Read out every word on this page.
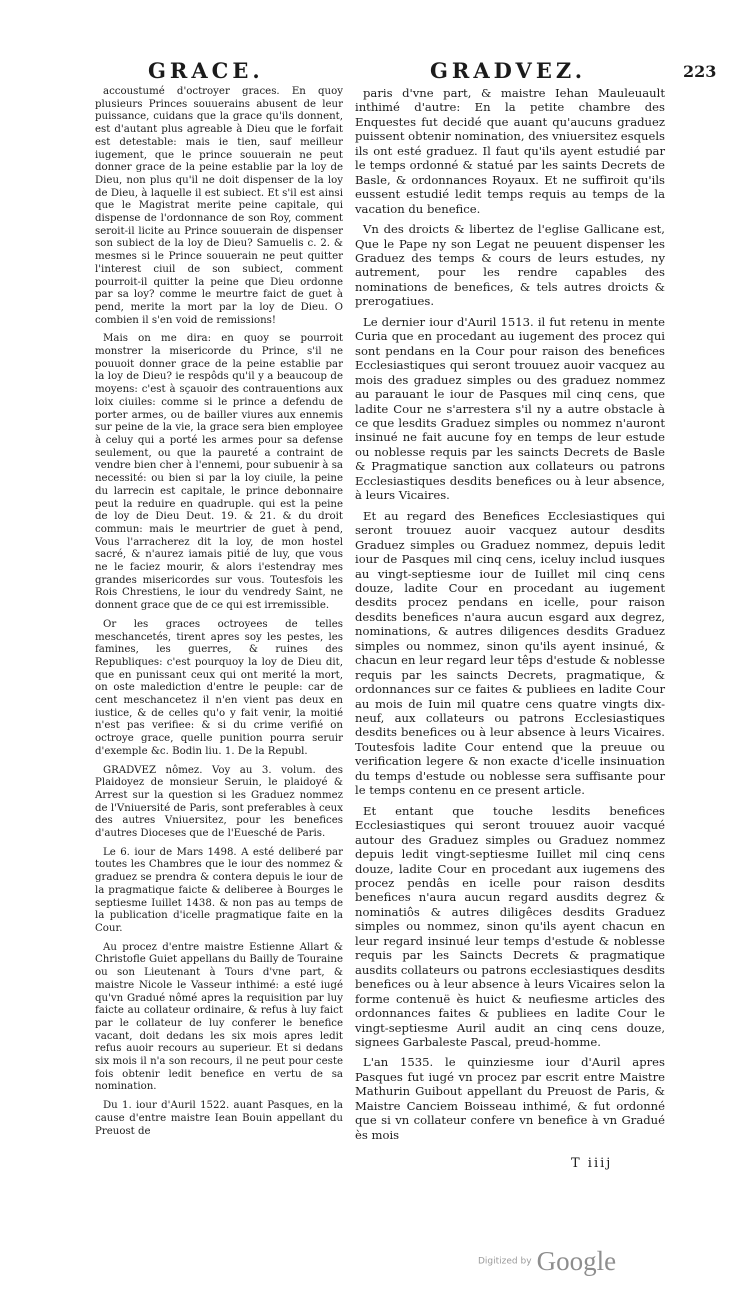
GRACE.	GRADVEZ.	223

accoustumé d'octroyer graces. En quoy plusieurs Princes souuerains abusent de leur puissance, cuidans que la grace qu'ils donnent, est d'autant plus agreable à Dieu que le forfait est detestable: mais ie tien, sauf meilleur iugement, que le prince souuerain ne peut donner grace de la peine establie par la loy de Dieu, non plus qu'il ne doit dispenser de la loy de Dieu, à laquelle il est subiect. Et s'il est ainsi que le Magistrat merite peine capitale, qui dispense de l'ordonnance de son Roy, comment seroit-il licite au Prince souuerain de dispenser son subiect de la loy de Dieu? Samuelis c. 2. & mesmes si le Prince souuerain ne peut quitter l'interest ciuil de son subiect, comment pourroit-il quitter la peine que Dieu ordonne par sa loy? comme le meurtre faict de guet à pend, merite la mort par la loy de Dieu. O combien il s'en void de remissions!

Mais on me dira: en quoy se pourroit monstrer la misericorde du Prince, s'il ne pouuoit donner grace de la peine establie par la loy de Dieu? ie respôds qu'il y a beaucoup de moyens: c'est à sçauoir des contrauentions aux loix ciuiles: comme si le prince a defendu de porter armes, ou de bailler viures aux ennemis sur peine de la vie, la grace sera bien employee à celuy qui a porté les armes pour sa defense seulement, ou que la paureté a contraint de vendre bien cher à l'ennemi, pour subuenir à sa necessité: ou bien si par la loy ciuile, la peine du larrecin est capitale, le prince debonnaire peut la reduire en quadruple. qui est la peine de loy de Dieu Deut. 19. & 21. & du droit commun: mais le meurtrier de guet à pend, Vous l'arracherez dit la loy, de mon hostel sacré, & n'aurez iamais pitié de luy, que vous ne le faciez mourir, & alors i'estendray mes grandes misericordes sur vous. Toutesfois les Rois Chrestiens, le iour du vendredy Saint, ne donnent grace que de ce qui est irremissible.

Or les graces octroyees de telles meschancetés, tirent apres soy les pestes, les famines, les guerres, & ruines des Republiques: c'est pourquoy la loy de Dieu dit, que en punissant ceux qui ont merité la mort, on oste malediction d'entre le peuple: car de cent meschancetez il n'en vient pas deux en iustice, & de celles qu'o y fait venir, la moitié n'est pas verifiee: & si du crime verifié on octroye grace, quelle punition pourra seruir d'exemple &c. Bodin liu. 1. De la Republ.

GRADVEZ nômez. Voy au 3. volum. des Plaidoyez de monsieur Seruin, le plaidoyé & Arrest sur la question si les Graduez nommez de l'Vniuersité de Paris, sont preferables à ceux des autres Vniuersitez, pour les benefices d'autres Dioceses que de l'Euesché de Paris.

Le 6. iour de Mars 1498. A esté deliberé par toutes les Chambres que le iour des nommez & graduez se prendra & contera depuis le iour de la pragmatique faicte & deliberee à Bourges le septiesme Iuillet 1438. & non pas au temps de la publication d'icelle pragmatique faite en la Cour.

Au procez d'entre maistre Estienne Allart & Christofle Guiet appellans du Bailly de Touraine ou son Lieutenant à Tours d'vne part, & maistre Nicole le Vasseur inthimé: a esté iugé qu'vn Gradué nômé apres la requisition par luy faicte au collateur ordinaire, & refus à luy faict par le collateur de luy conferer le benefice vacant, doit dedans les six mois apres ledit refus auoir recours au superieur. Et si dedans six mois il n'a son recours, il ne peut pour ceste fois obtenir ledit benefice en vertu de sa nomination.

Du 1. iour d'Auril 1522. auant Pasques, en la cause d'entre maistre Iean Bouin appellant du Preuost de

paris d'vne part, & maistre Iehan Mauleuault inthimé d'autre: En la petite chambre des Enquestes fut decidé que auant qu'aucuns graduez puissent obtenir nomination, des vniuersitez esquels ils ont esté graduez. Il faut qu'ils ayent estudié par le temps ordonné & statué par les saints Decrets de Basle, & ordonnances Royaux. Et ne suffiroit qu'ils eussent estudié ledit temps requis au temps de la vacation du benefice.

Vn des droicts & libertez de l'eglise Gallicane est, Que le Pape ny son Legat ne peuuent dispenser les Graduez des temps & cours de leurs estudes, ny autrement, pour les rendre capables des nominations de benefices, & tels autres droicts & prerogatiues.

Le dernier iour d'Auril 1513. il fut retenu in mente Curia que en procedant au iugement des procez qui sont pendans en la Cour pour raison des benefices Ecclesiastiques qui seront trouuez auoir vacquez au mois des graduez simples ou des graduez nommez au parauant le iour de Pasques mil cinq cens, que ladite Cour ne s'arrestera s'il ny a autre obstacle à ce que lesdits Graduez simples ou nommez n'auront insinué ne fait aucune foy en temps de leur estude ou noblesse requis par les saincts Decrets de Basle & Pragmatique sanction aux collateurs ou patrons Ecclesiastiques desdits benefices ou à leur absence, à leurs Vicaires.

Et au regard des Benefices Ecclesiastiques qui seront trouuez auoir vacquez autour desdits Graduez simples ou Graduez nommez, depuis ledit iour de Pasques mil cinq cens, iceluy includ iusques au vingt-septiesme iour de Iuillet mil cinq cens douze, ladite Cour en procedant au iugement desdits procez pendans en icelle, pour raison desdits benefices n'aura aucun esgard aux degrez, nominations, & autres diligences desdits Graduez simples ou nommez, sinon qu'ils ayent insinué, & chacun en leur regard leur têps d'estude & noblesse requis par les saincts Decrets, pragmatique, & ordonnances sur ce faites & publiees en ladite Cour au mois de Iuin mil quatre cens quatre vingts dix-neuf, aux collateurs ou patrons Ecclesiastiques desdits benefices ou à leur absence à leurs Vicaires. Toutesfois ladite Cour entend que la preuue ou verification legere & non exacte d'icelle insinuation du temps d'estude ou noblesse sera suffisante pour le temps contenu en ce present article.

Et entant que touche lesdits benefices Ecclesiastiques qui seront trouuez auoir vacqué autour des Graduez simples ou Graduez nommez depuis ledit vingt-septiesme Iuillet mil cinq cens douze, ladite Cour en procedant aux iugemens des procez pendâs en icelle pour raison desdits benefices n'aura aucun regard ausdits degrez & nominatiôs & autres diligêces desdits Graduez simples ou nommez, sinon qu'ils ayent chacun en leur regard insinué leur temps d'estude & noblesse requis par les Saincts Decrets & pragmatique ausdits collateurs ou patrons ecclesiastiques desdits benefices ou à leur absence à leurs Vicaires selon la forme contenuë ès huict & neufiesme articles des ordonnances faites & publiees en ladite Cour le vingt-septiesme Auril audit an cinq cens douze, signees Garbaleste Pascal, preud-homme.

L'an 1535. le quinziesme iour d'Auril apres Pasques fut iugé vn procez par escrit entre Maistre Mathurin Guibout appellant du Preuost de Paris, & Maistre Canciem Boisseau inthimé, & fut ordonné que si vn collateur confere vn benefice à vn Gradué ès mois

T iiij
Digitized by Google
